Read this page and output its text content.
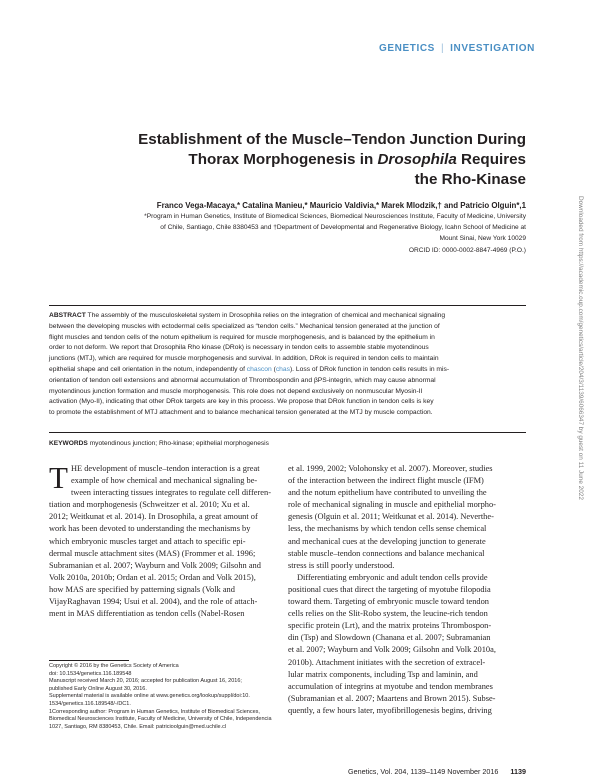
GENETICS | INVESTIGATION
Establishment of the Muscle–Tendon Junction During
Thorax Morphogenesis in Drosophila Requires
the Rho-Kinase
Franco Vega-Macaya,* Catalina Manieu,* Mauricio Valdivia,* Marek Mlodzik,† and Patricio Olguin*,1
*Program in Human Genetics, Institute of Biomedical Sciences, Biomedical Neurosciences Institute, Faculty of Medicine, University
of Chile, Santiago, Chile 8380453 and †Department of Developmental and Regenerative Biology, Icahn School of Medicine at
Mount Sinai, New York 10029
ORCID ID: 0000-0002-8847-4969 (P.O.)
ABSTRACT The assembly of the musculoskeletal system in Drosophila relies on the integration of chemical and mechanical signaling
between the developing muscles with ectodermal cells specialized as “tendon cells.” Mechanical tension generated at the junction of
flight muscles and tendon cells of the notum epithelium is required for muscle morphogenesis, and is balanced by the epithelium in
order to not deform. We report that Drosophila Rho kinase (DRok) is necessary in tendon cells to assemble stable myotendinous
junctions (MTJ), which are required for muscle morphogenesis and survival. In addition, DRok is required in tendon cells to maintain
epithelial shape and cell orientation in the notum, independently of chascon (chas). Loss of DRok function in tendon cells results in mis-
orientation of tendon cell extensions and abnormal accumulation of Thrombospondin and βPS-integrin, which may cause abnormal
myotendinous junction formation and muscle morphogenesis. This role does not depend exclusively on nonmuscular Myosin-II
activation (Myo-II), indicating that other DRok targets are key in this process. We propose that DRok function in tendon cells is key
to promote the establishment of MTJ attachment and to balance mechanical tension generated at the MTJ by muscle compaction.
KEYWORDS myotendinous junction; Rho-kinase; epithelial morphogenesis
T HE development of muscle–tendon interaction is a great
example of how chemical and mechanical signaling be-
tween interacting tissues integrates to regulate cell differen-
tiation and morphogenesis (Schweitzer et al. 2010; Xu et al.
2012; Weitkunat et al. 2014). In Drosophila, a great amount of
work has been devoted to understanding the mechanisms by
which embryonic muscles target and attach to specific epi-
dermal muscle attachment sites (MAS) (Frommer et al. 1996;
Subramanian et al. 2007; Wayburn and Volk 2009; Gilsohn and
Volk 2010a, 2010b; Ordan et al. 2015; Ordan and Volk 2015),
how MAS are specified by patterning signals (Volk and
VijayRaghavan 1994; Usui et al. 2004), and the role of attach-
ment in MAS differentiation as tendon cells (Nabel-Rosen
et al. 1999, 2002; Volohonsky et al. 2007). Moreover, studies
of the interaction between the indirect flight muscle (IFM)
and the notum epithelium have contributed to unveiling the
role of mechanical signaling in muscle and epithelial morpho-
genesis (Olguin et al. 2011; Weitkunat et al. 2014). Neverthe-
less, the mechanisms by which tendon cells sense chemical
and mechanical cues at the developing junction to generate
stable muscle–tendon connections and balance mechanical
stress is still poorly understood.
Differentiating embryonic and adult tendon cells provide
positional cues that direct the targeting of myotube filopodia
toward them. Targeting of embryonic muscle toward tendon
cells relies on the Slit-Robo system, the leucine-rich tendon
specific protein (Lrt), and the matrix proteins Thrombospon-
din (Tsp) and Slowdown (Chanana et al. 2007; Subramanian
et al. 2007; Wayburn and Volk 2009; Gilsohn and Volk 2010a,
2010b). Attachment initiates with the secretion of extracel-
lular matrix components, including Tsp and laminin, and
accumulation of integrins at myotube and tendon membranes
(Subramanian et al. 2007; Maartens and Brown 2015). Subse-
quently, a few hours later, myofibrillogenesis begins, driving
Copyright © 2016 by the Genetics Society of America
doi: 10.1534/genetics.116.189548
Manuscript received March 20, 2016; accepted for publication August 16, 2016;
published Early Online August 30, 2016.
Supplemental material is available online at www.genetics.org/lookup/suppl/doi:10.
1534/genetics.116.189548/-/DC1.
1Corresponding author: Program in Human Genetics, Institute of Biomedical Sciences,
Biomedical Neurosciences Institute, Faculty of Medicine, University of Chile, Independencia
1027, Santiago, RM 8380453, Chile. Email: patricioolguin@med.uchile.cl
Genetics, Vol. 204, 1139–1149 November 2016 1139
Downloaded from https://academic.oup.com/genetics/article/204/3/1139/6066347 by guest on 11 June 2022
